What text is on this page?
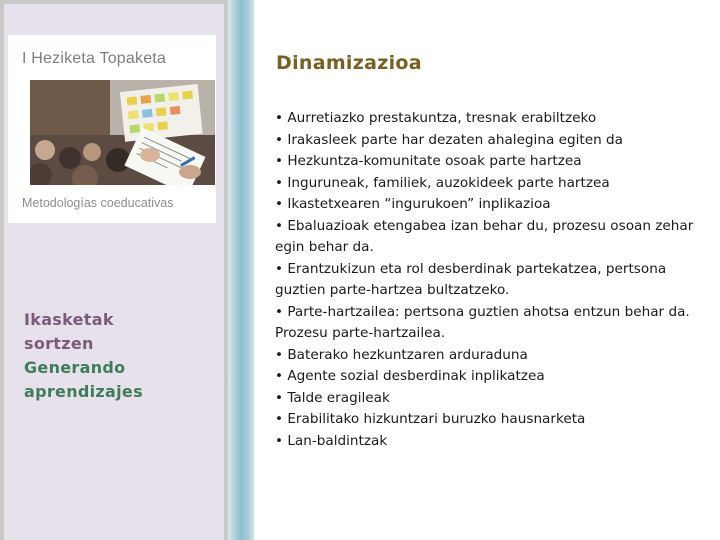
I Heziketa Topaketa
Metodologías coeducativas
Ikasketak
sortzen
Generando
aprendizajes
Dinamizazioa
• Aurretiazko prestakuntza, tresnak erabiltzeko
• Irakasleek parte har dezaten ahalegina egiten da
• Hezkuntza-komunitate osoak parte hartzea
• Inguruneak, familiek, auzokideek parte hartzea
• Ikastetxearen “ingurukoen” inplikazioa
• Ebaluazioak etengabea izan behar du, prozesu osoan zehar egin behar da.
• Erantzukizun eta rol desberdinak partekatzea, pertsona guztien parte-hartzea bultzatzeko.
• Parte-hartzailea: pertsona guztien ahotsa entzun behar da. Prozesu parte-hartzailea.
• Baterako hezkuntzaren arduraduna
• Agente sozial desberdinak inplikatzea
• Talde eragileak
• Erabilitako hizkuntzari buruzko hausnarketa
• Lan-baldintzak
